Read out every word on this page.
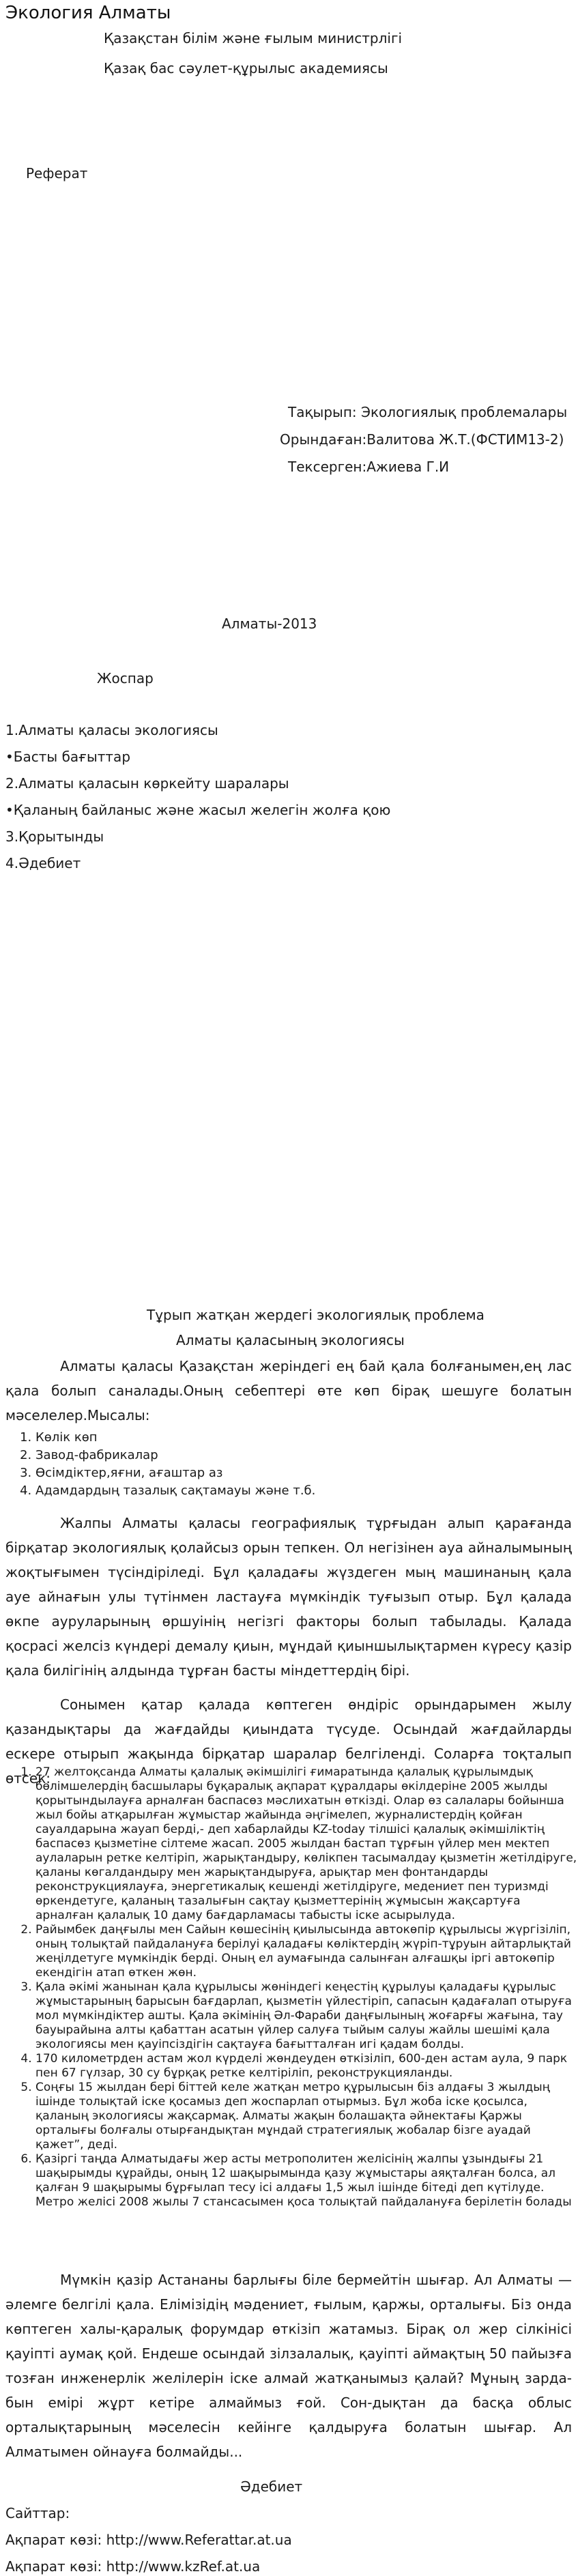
Экология Алматы
Қазақстан білім және ғылым министрлігі
Қазақ бас сәулет-құрылыс академиясы
Реферат
Тақырып: Экологиялық проблемалары
Орындаған:Валитова Ж.Т.(ФСТИМ13-2)
Тексерген:Ажиева Г.И
Алматы-2013
Жоспар
1.Алматы қаласы экологиясы
•Басты бағыттар
2.Алматы қаласын көркейту шаралары
•Қаланың байланыс және жасыл желегін жолға қою
3.Қорытынды
4.Әдебиет
Тұрып жатқан жердегі экологиялық проблема
Алматы қаласының экологиясы

Алматы қаласы Қазақстан жеріндегі ең бай қала болғанымен,ең лас қала болып саналады.Оның себептері өте көп бірақ шешуге болатын мәселелер.Мысалы:

1. Көлік көп
2. Завод-фабрикалар
3. Өсімдіктер,яғни, ағаштар аз
4. Адамдардың тазалық сақтамауы және т.б.

Жалпы Алматы қаласы географиялық тұрғыдан алып қарағанда бірқатар экологиялық қолайсыз орын тепкен. Ол негізінен ауа айналымының жоқтығымен түсіндіріледі. Бұл қаладағы жүздеген мың машинаның қала ауе айнағын улы түтінмен ластауға мүмкіндік туғызып отыр. Бұл қалада өкпе ауруларының өршуінің негізгі факторы болып табылады. Қалада қосрасі желсіз күндері демалу қиын, мұндай қиыншылықтармен күресу қазір қала билігінің алдында тұрған басты міндеттердің бірі.

Сонымен қатар қалада көптеген өндіріс орындарымен жылу қазандықтары да жағдайды қиындата түсуде. Осындай жағдайларды ескере отырып жақында бірқатар шаралар белгіленді. Соларға тоқталып өтсек:

1. 27 желтоқсанда Алматы қалалық әкімшілігі ғимаратында қалалық құрылымдық бөлімшелердің басшылары бұқаралық ақпарат құралдары өкілдеріне 2005 жылды қорытындылауға арналған баспасөз мәслихатын өткізді. Олар өз салалары бойынша жыл бойы атқарылған жұмыстар жайында әңгімелеп, журналистердің қойған сауалдарына жауап берді,- деп хабарлайды KZ-today тілшісі қалалық әкімшіліктің баспасөз қызметіне сілтеме жасап. 2005 жылдан бастап тұрғын үйлер мен мектеп аулаларын ретке келтіріп, жарықтандыру, көлікпен тасымалдау қызметін жетілдіруге, қаланы көгалдандыру мен жарықтандыруға, арықтар мен фонтандарды реконструкциялауға, энергетикалық кешенді жетілдіруге, медениет пен туризмді өркендетуге, қаланың тазалығын сақтау қызметтерінің жұмысын жақсартуға арналған қалалық 10 даму бағдарламасы табысты іске асырылуда.
2. Райымбек даңғылы мен Сайын көшесінің қиылысында автокөпір құрылысы жүргізіліп, оның толықтай пайдалануға берілуі қаладағы көліктердің жүріп-тұруын айтарлықтай жеңілдетуге мүмкіндік берді. Оның ел аумағында салынған алғашқы іргі автокөпір екендігін атап өткен жөн.
3. Қала әкімі жанынан қала құрылысы жөніндегі кеңестің құрылуы қаладағы құрылыс жұмыстарының барысын бағдарлап, қызметін үйлестіріп, сапасын қадағалап отыруға мол мүмкіндіктер ашты. Қала әкімінің Әл-Фараби даңғылының жоғарғы жағына, тау бауырайына алты қабаттан асатын үйлер салуға тыйым салуы жайлы шешімі қала экологиясы мен қауіпсіздігін сақтауға бағытталған игі қадам болды.
4. 170 километрден астам жол күрделі жөндеуден өткізіліп, 600-ден астам аула, 9 парк пен 67 гүлзар, 30 су бұрқақ ретке келтіріліп, реконструкцияланды.
5. Соңғы 15 жылдан бері біттей келе жатқан метро құрылысын біз алдағы 3 жылдың ішінде толықтай іске қосамыз деп жоспарлап отырмыз. Бұл жоба іске қосылса, қаланың экологиясы жақсармақ. Алматы жақын болашақта әйнектағы Қаржы орталығы болғалы отырғандықтан мұндай стратегиялық жобалар бізге ауадай қажет”, деді.
6. Қазіргі таңда Алматыдағы жер асты метрополитен желісінің жалпы ұзындығы 21 шақырымды құрайды, оның 12 шақырымында қазу жұмыстары аяқталған болса, ал қалған 9 шақырымы бұрғылап тесу ісі алдағы 1,5 жыл ішінде бітеді деп күтілуде. Метро желісі 2008 жылы 7 стансасымен қоса толықтай пайдалануға берілетін болады

Мүмкін қазір Астананы барлығы біле бермейтін шығар. Ал Алматы —әлемге белгілі қала. Елімізідің мәдениет, ғылым, қаржы, орталығы. Біз онда көптеген халы-қаралық форумдар өткізіп жатамыз. Бірақ ол жер сілкінісі қауіпті аумақ қой. Ендеше осындай зілзалалық, қауіпті аймақтың 50 пайызға тозған инженерлік желілерін іске алмай жатқанымыз қалай? Мұның зарда-бын емірі жұрт кетіре алмаймыз ғой. Сон-дықтан да басқа облыс орталықтарының мәселесін кейінге қалдыруға болатын шығар. Ал Алматымен ойнауға болмайды...

Әдебиет
Сайттар:
Ақпарат көзі: http://www.Referattar.at.ua
Ақпарат көзі: http://www.kzRef.at.ua
